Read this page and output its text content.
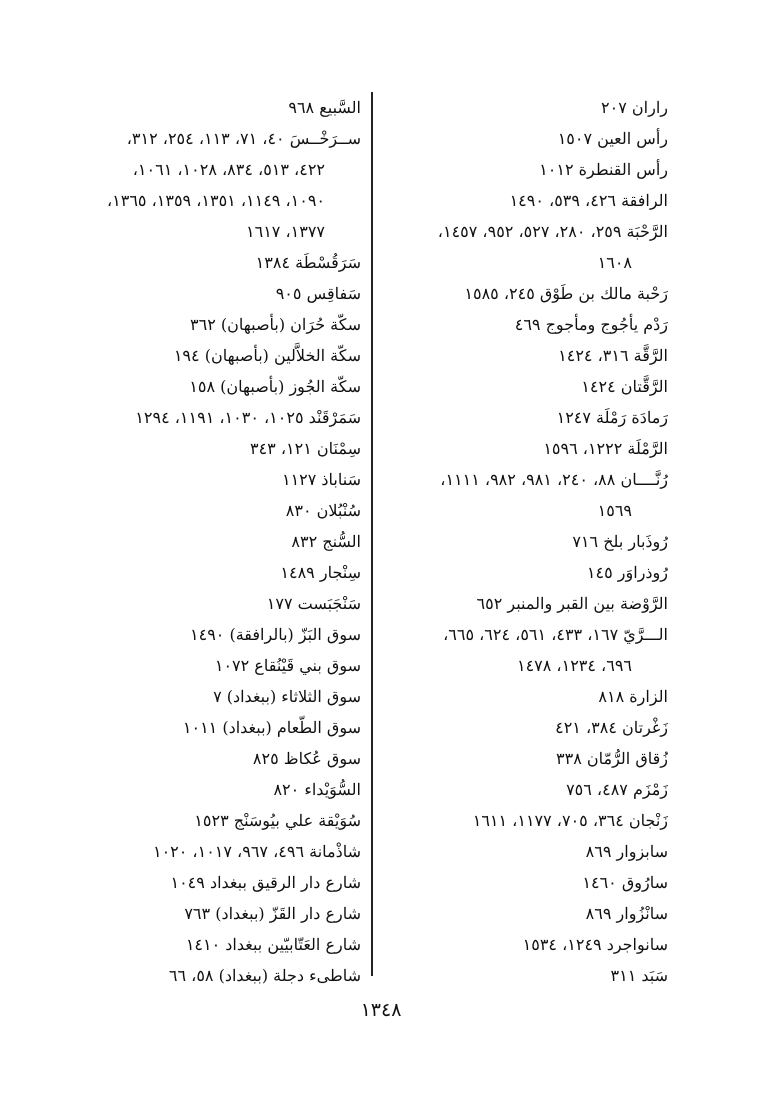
راران ٢٠٧
رأس العين ١٥٠٧
رأس القنطرة ١٠١٢
الرافقة ٤٢٦، ٥٣٩، ١٤٩٠
الرَّحْبَة ٢٥٩، ٢٨٠، ٥٢٧، ٩٥٢، ١٤٥٧،
١٦٠٨
رَحْبة مالك بن طَوْق ٢٤٥، ١٥٨٥
رَدْم يأجُوج ومأجوج ٤٦٩
الرَّقَّة ٣١٦، ١٤٢٤
الرَّقَّتان ١٤٢٤
رَمادَة رَمْلَة ١٢٤٧
الرَّمْلَة ١٢٢٢، ١٥٩٦
رُنَّــــان ٨٨، ٢٤٠، ٩٨١، ٩٨٢، ١١١١،
١٥٦٩
رُوذَبار بلخ ٧١٦
رُوذراوَر ١٤٥
الرَّوْضة بين القبر والمنبر ٦٥٢
الـــرَّيّ ١٦٧، ٤٣٣، ٥٦١، ٦٢٤، ٦٦٥،
٦٩٦، ١٢٣٤، ١٤٧٨
الزارة ٨١٨
زَغْرتان ٣٨٤، ٤٢١
زُقاق الرُّمّان ٣٣٨
زَمْزَم ٤٨٧، ٧٥٦
زَنْجان ٣٦٤، ٧٠٥، ١١٧٧، ١٦١١
سابزوار ٨٦٩
سارُوق ١٤٦٠
سانْزُوار ٨٦٩
سانواجرد ١٢٤٩، ١٥٣٤
سَبَد ٣١١
السَّبيع ٩٦٨
ســرَخْــسَ ٤٠، ٧١، ١١٣، ٢٥٤، ٣١٢،
٤٢٢، ٥١٣، ٨٣٤، ١٠٢٨، ١٠٦١،
١٠٩٠، ١١٤٩، ١٣٥١، ١٣٥٩، ١٣٦٥،
١٣٧٧، ١٦١٧
سَرَقُسْطَة ١٣٨٤
سَفاقِس ٩٠٥
سكّة حُرَان (بأصبهان) ٣٦٢
سكّة الخلاَّلين (بأصبهان) ١٩٤
سكّة الجُوز (بأصبهان) ١٥٨
سَمَرْقَنْد ١٠٢٥، ١٠٣٠، ١١٩١، ١٢٩٤
سِمْنَان ١٢١، ٣٤٣
سَناباذ ١١٢٧
سُنْبُلان ٨٣٠
السُّنج ٨٣٢
سِنْجار ١٤٨٩
سَنْجَبَست ١٧٧
سوق البَزّ (بالرافقة) ١٤٩٠
سوق بني قَيْنُقاع ١٠٧٢
سوق الثلاثاء (ببغداد) ٧
سوق الطّعام (ببغداد) ١٠١١
سوق عُكاظ ٨٢٥
السُّوَيْداء ٨٢٠
سُوَيْقة علي بيُوسَنْج ١٥٢٣
شاذْمانة ٤٩٦، ٩٦٧، ١٠١٧، ١٠٢٠
شارع دار الرقيق ببغداد ١٠٤٩
شارع دار القَزّ (ببغداد) ٧٦٣
شارع العَتّابيّين ببغداد ١٤١٠
شاطىء دجلة (ببغداد) ٥٨، ٦٦
١٣٤٨
